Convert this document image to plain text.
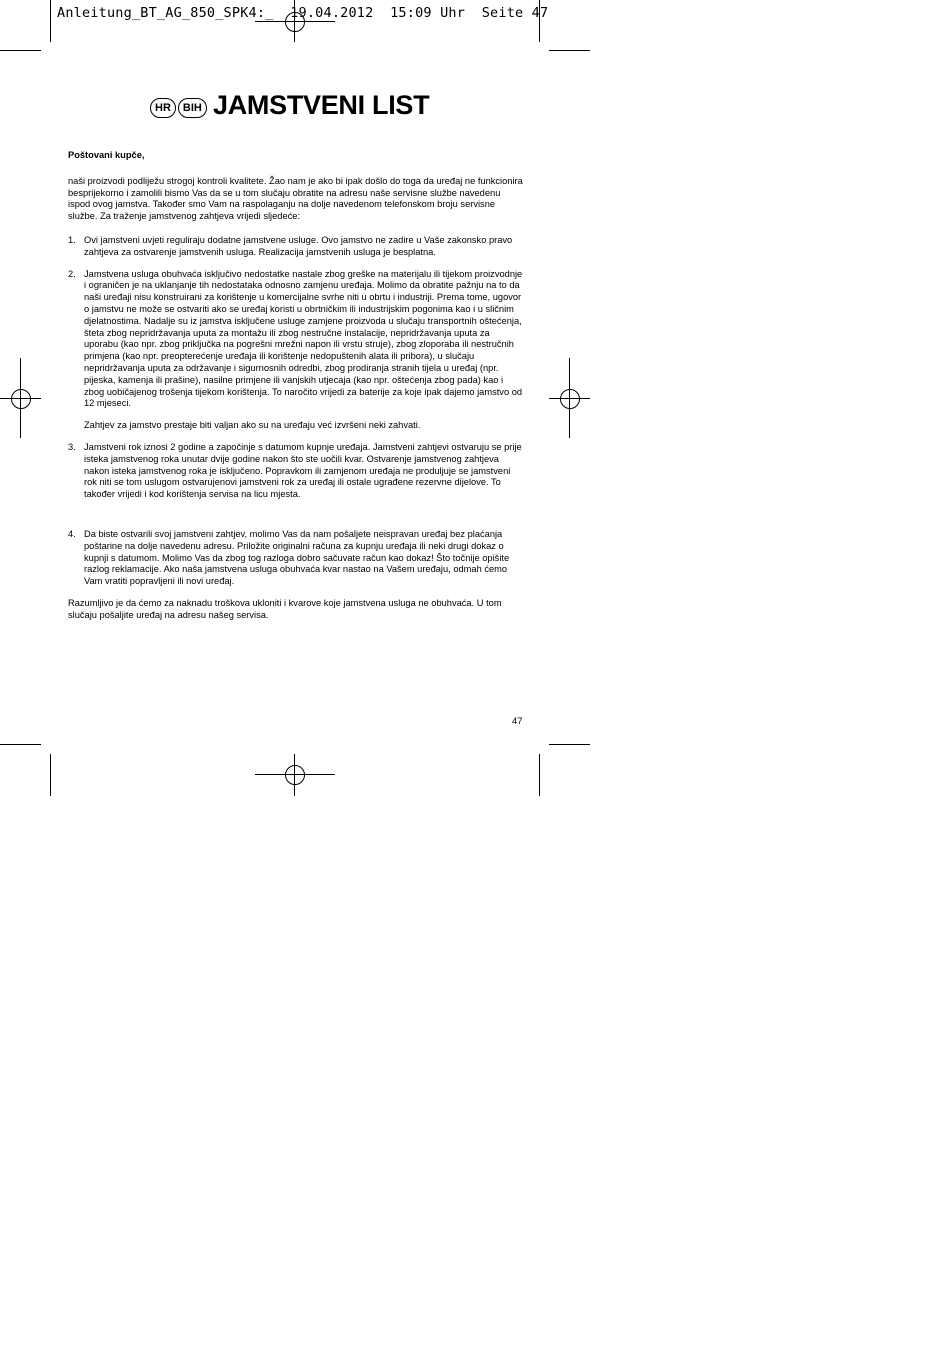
Anleitung_BT_AG_850_SPK4:_  19.04.2012  15:09 Uhr  Seite 47
HR	BIH JAMSTVENI LIST

Poštovani kupče,

naši proizvodi podliježu strogoj kontroli kvalitete. Žao nam je ako bi ipak došlo do toga da uređaj ne funkcionira besprijekorno i zamolili bismo Vas da se u tom slučaju obratite na adresu naše servisne službe navedenu ispod ovog jamstva. Također smo Vam na raspolaganju na dolje navedenom telefonskom broju servisne službe. Za traženje jamstvenog zahtjeva vrijedi sljedeće:

1. Ovi jamstveni uvjeti reguliraju dodatne jamstvene usluge. Ovo jamstvo ne zadire u Vaše zakonsko pravo zahtjeva za ostvarenje jamstvenih usluga. Realizacija jamstvenih usluga je besplatna.
2. Jamstvena usluga obuhvaća isključivo nedostatke nastale zbog greške na materijalu ili tijekom proizvodnje i ograničen je na uklanjanje tih nedostataka odnosno zamjenu uređaja. Molimo da obratite pažnju na to da naši uređaji nisu konstruirani za korištenje u komercijalne svrhe niti u obrtu i industriji. Prema tome, ugovor o jamstvu ne može se ostvariti ako se uređaj koristi u obrtničkim ili industrijskim pogonima kao i u sličnim djelatnostima. Nadalje su iz jamstva isključene usluge zamjene proizvoda u slučaju transportnih oštećenja, šteta zbog nepridržavanja uputa za montažu ili zbog nestručne instalacije, nepridržavanja uputa za uporabu (kao npr. zbog priključka na pogrešni mrežni napon ili vrstu struje), zbog zloporaba ili nestručnih primjena (kao npr. preopterećenje uređaja ili korištenje nedopuštenih alata ili pribora), u slučaju nepridržavanja uputa za održavanje i sigurnosnih odredbi, zbog prodiranja stranih tijela u uređaj (npr. pijeska, kamenja ili prašine), nasilne primjene ili vanjskih utjecaja (kao npr. oštećenja zbog pada) kao i zbog uobičajenog trošenja tijekom korištenja. To naročito vrijedi za baterije za koje ipak dajemo jamstvo od 12 mjeseci.

Zahtjev za jamstvo prestaje biti valjan ako su na uređaju već izvršeni neki zahvati.

3. Jamstveni rok iznosi 2 godine a započinje s datumom kupnje uređaja. Jamstveni zahtjevi ostvaruju se prije isteka jamstvenog roka unutar dvije godine nakon što ste uočili kvar. Ostvarenje jamstvenog zahtjeva nakon isteka jamstvenog roka je isključeno. Popravkom ili zamjenom uređaja ne produljuje se jamstveni rok niti se tom uslugom ostvarujenovi jamstveni rok za uređaj ili ostale ugrađene rezervne dijelove. To također vrijedi i kod korištenja servisa na licu mjesta.
4. Da biste ostvarili svoj jamstveni zahtjev, molimo Vas da nam pošaljete neispravan uređaj bez plaćanja poštarine na dolje navedenu adresu. Priložite originalni računa za kupnju uređaja ili neki drugi dokaz o kupnji s datumom. Molimo Vas da zbog tog razloga dobro sačuvate račun kao dokaz! Što točnije opišite razlog reklamacije. Ako naša jamstvena usluga obuhvaća kvar nastao na Vašem uređaju, odmah ćemo Vam vratiti popravljeni ili novi uređaj.

Razumljivo je da ćemo za naknadu troškova ukloniti i kvarove koje jamstvena usluga ne obuhvaća. U tom slučaju pošaljite uređaj na adresu našeg servisa.

47
